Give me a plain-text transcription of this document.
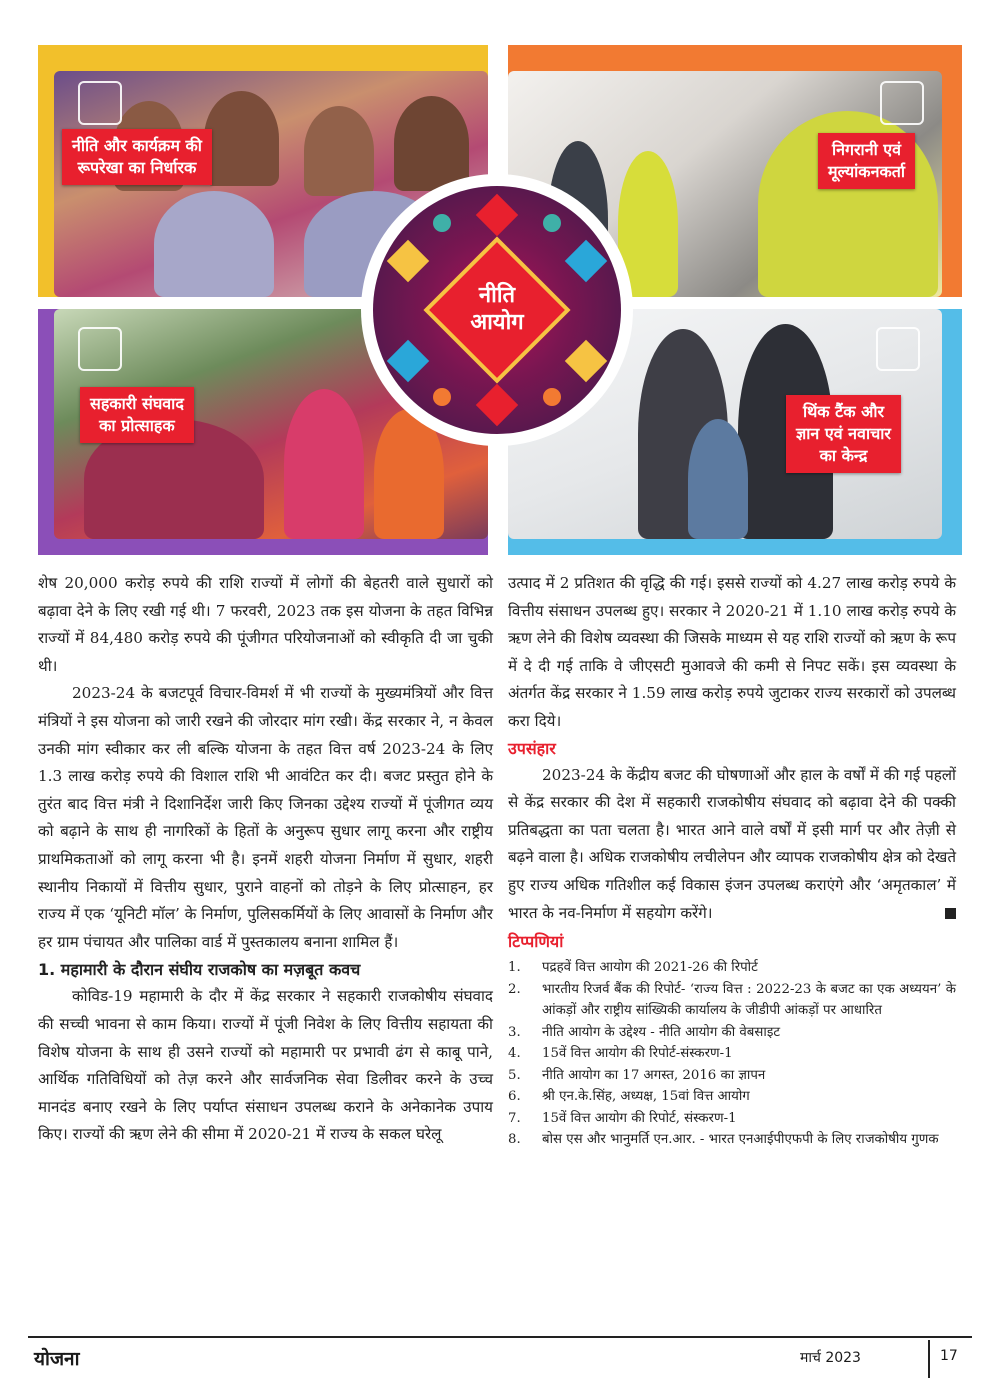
नीति और कार्यक्रम की
रूपरेखा का निर्धारक
निगरानी एवं
मूल्यांकनकर्ता
सहकारी संघवाद
का प्रोत्साहक
थिंक टैंक और
ज्ञान एवं नवाचार
का केन्द्र
नीति
आयोग

शेष 20,000 करोड़ रुपये की राशि राज्यों में लोगों की बेहतरी वाले सुधारों को बढ़ावा देने के लिए रखी गई थी। 7 फरवरी, 2023 तक इस योजना के तहत विभिन्न राज्यों में 84,480 करोड़ रुपये की पूंजीगत परियोजनाओं को स्वीकृति दी जा चुकी थी।

2023-24 के बजटपूर्व विचार-विमर्श में भी राज्यों के मुख्यमंत्रियों और वित्त मंत्रियों ने इस योजना को जारी रखने की जोरदार मांग रखी। केंद्र सरकार ने, न केवल उनकी मांग स्वीकार कर ली बल्कि योजना के तहत वित्त वर्ष 2023-24 के लिए 1.3 लाख करोड़ रुपये की विशाल राशि भी आवंटित कर दी। बजट प्रस्तुत होने के तुरंत बाद वित्त मंत्री ने दिशानिर्देश जारी किए जिनका उद्देश्य राज्यों में पूंजीगत व्यय को बढ़ाने के साथ ही नागरिकों के हितों के अनुरूप सुधार लागू करना और राष्ट्रीय प्राथमिकताओं को लागू करना भी है। इनमें शहरी योजना निर्माण में सुधार, शहरी स्थानीय निकायों में वित्तीय सुधार, पुराने वाहनों को तोड़ने के लिए प्रोत्साहन, हर राज्य में एक ‘यूनिटी मॉल’ के निर्माण, पुलिसकर्मियों के लिए आवासों के निर्माण और हर ग्राम पंचायत और पालिका वार्ड में पुस्तकालय बनाना शामिल हैं।

1. महामारी के दौरान संघीय राजकोष का मज़बूत कवच

कोविड-19 महामारी के दौर में केंद्र सरकार ने सहकारी राजकोषीय संघवाद की सच्ची भावना से काम किया। राज्यों में पूंजी निवेश के लिए वित्तीय सहायता की विशेष योजना के साथ ही उसने राज्यों को महामारी पर प्रभावी ढंग से काबू पाने, आर्थिक गतिविधियों को तेज़ करने और सार्वजनिक सेवा डिलीवर करने के उच्च मानदंड बनाए रखने के लिए पर्याप्त संसाधन उपलब्ध कराने के अनेकानेक उपाय किए। राज्यों की ऋण लेने की सीमा में 2020-21 में राज्य के सकल घरेलू

उत्पाद में 2 प्रतिशत की वृद्धि की गई। इससे राज्यों को 4.27 लाख करोड़ रुपये के वित्तीय संसाधन उपलब्ध हुए। सरकार ने 2020-21 में 1.10 लाख करोड़ रुपये के ऋण लेने की विशेष व्यवस्था की जिसके माध्यम से यह राशि राज्यों को ऋण के रूप में दे दी गई ताकि वे जीएसटी मुआवजे की कमी से निपट सकें। इस व्यवस्था के अंतर्गत केंद्र सरकार ने 1.59 लाख करोड़ रुपये जुटाकर राज्य सरकारों को उपलब्ध करा दिये।

उपसंहार

2023-24 के केंद्रीय बजट की घोषणाओं और हाल के वर्षों में की गई पहलों से केंद्र सरकार की देश में सहकारी राजकोषीय संघवाद को बढ़ावा देने की पक्की प्रतिबद्धता का पता चलता है। भारत आने वाले वर्षों में इसी मार्ग पर और तेज़ी से बढ़ने वाला है। अधिक राजकोषीय लचीलेपन और व्यापक राजकोषीय क्षेत्र को देखते हुए राज्य अधिक गतिशील कई विकास इंजन उपलब्ध कराएंगे और ‘अमृतकाल’ में भारत के नव-निर्माण में सहयोग करेंगे।

टिप्पणियां

1.	पद्रहवें वित्त आयोग की 2021-26 की रिपोर्ट
2.	भारतीय रिजर्व बैंक की रिपोर्ट- ‘राज्य वित्त : 2022-23 के बजट का एक अध्ययन’ के आंकड़ों और राष्ट्रीय सांख्यिकी कार्यालय के जीडीपी आंकड़ों पर आधारित
3.	नीति आयोग के उद्देश्य - नीति आयोग की वेबसाइट
4.	15वें वित्त आयोग की रिपोर्ट-संस्करण-1
5.	नीति आयोग का 17 अगस्त, 2016 का ज्ञापन
6.	श्री एन.के.सिंह, अध्यक्ष, 15वां वित्त आयोग
7.	15वें वित्त आयोग की रिपोर्ट, संस्करण-1
8.	बोस एस और भानुमर्ति एन.आर. - भारत एनआईपीएफपी के लिए राजकोषीय गुणक
योजना	मार्च 2023	17
